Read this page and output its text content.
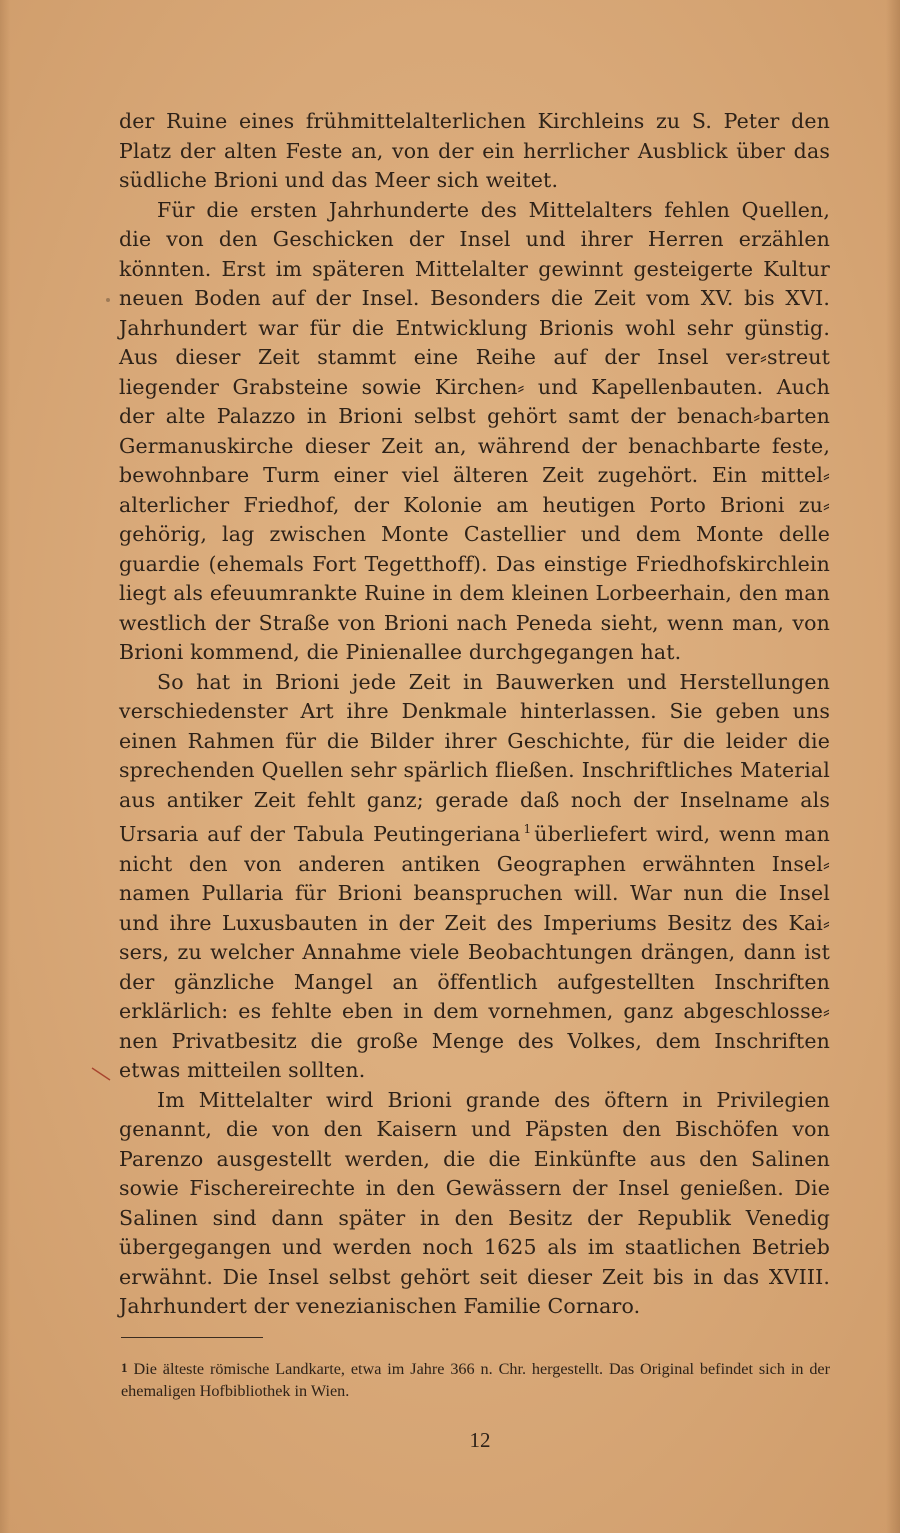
der Ruine eines frühmittelalterlichen Kirchleins zu S. Peter den Platz der alten Feste an, von der ein herrlicher Ausblick über das südliche Brioni und das Meer sich weitet.

Für die ersten Jahrhunderte des Mittelalters fehlen Quellen, die von den Geschicken der Insel und ihrer Herren erzählen könnten. Erst im späteren Mittelalter gewinnt gesteigerte Kultur neuen Boden auf der Insel. Besonders die Zeit vom XV. bis XVI. Jahrhundert war für die Entwicklung Brionis wohl sehr günstig. Aus dieser Zeit stammt eine Reihe auf der Insel ver⸗streut liegender Grabsteine sowie Kirchen⸗ und Kapellenbauten. Auch der alte Palazzo in Brioni selbst gehört samt der benach⸗barten Germanuskirche dieser Zeit an, während der benachbarte feste, bewohnbare Turm einer viel älteren Zeit zugehört. Ein mittel⸗alterlicher Friedhof, der Kolonie am heutigen Porto Brioni zu⸗gehörig, lag zwischen Monte Castellier und dem Monte delle guardie (ehemals Fort Tegetthoff). Das einstige Friedhofskirchlein liegt als efeuumrankte Ruine in dem kleinen Lorbeerhain, den man westlich der Straße von Brioni nach Peneda sieht, wenn man, von Brioni kommend, die Pinienallee durchgegangen hat.

So hat in Brioni jede Zeit in Bauwerken und Herstellungen verschiedenster Art ihre Denkmale hinterlassen. Sie geben uns einen Rahmen für die Bilder ihrer Geschichte, für die leider die sprechenden Quellen sehr spärlich fließen. Inschriftliches Material aus antiker Zeit fehlt ganz; gerade daß noch der Inselname als Ursaria auf der Tabula Peutingeriana $^1$ überliefert wird, wenn man nicht den von anderen antiken Geographen erwähnten Insel⸗namen Pullaria für Brioni beanspruchen will. War nun die Insel und ihre Luxusbauten in der Zeit des Imperiums Besitz des Kai⸗sers, zu welcher Annahme viele Beobachtungen drängen, dann ist der gänzliche Mangel an öffentlich aufgestellten Inschriften erklärlich: es fehlte eben in dem vornehmen, ganz abgeschlosse⸗nen Privatbesitz die große Menge des Volkes, dem Inschriften etwas mitteilen sollten.

Im Mittelalter wird Brioni grande des öftern in Privilegien genannt, die von den Kaisern und Päpsten den Bischöfen von Parenzo ausgestellt werden, die die Einkünfte aus den Salinen sowie Fischereirechte in den Gewässern der Insel genießen. Die Salinen sind dann später in den Besitz der Republik Venedig übergegangen und werden noch 1625 als im staatlichen Betrieb erwähnt. Die Insel selbst gehört seit dieser Zeit bis in das XVIII. Jahrhundert der venezianischen Familie Cornaro.

1 Die älteste römische Landkarte, etwa im Jahre 366 n. Chr. hergestellt. Das Original befindet sich in der ehemaligen Hofbibliothek in Wien.
12
